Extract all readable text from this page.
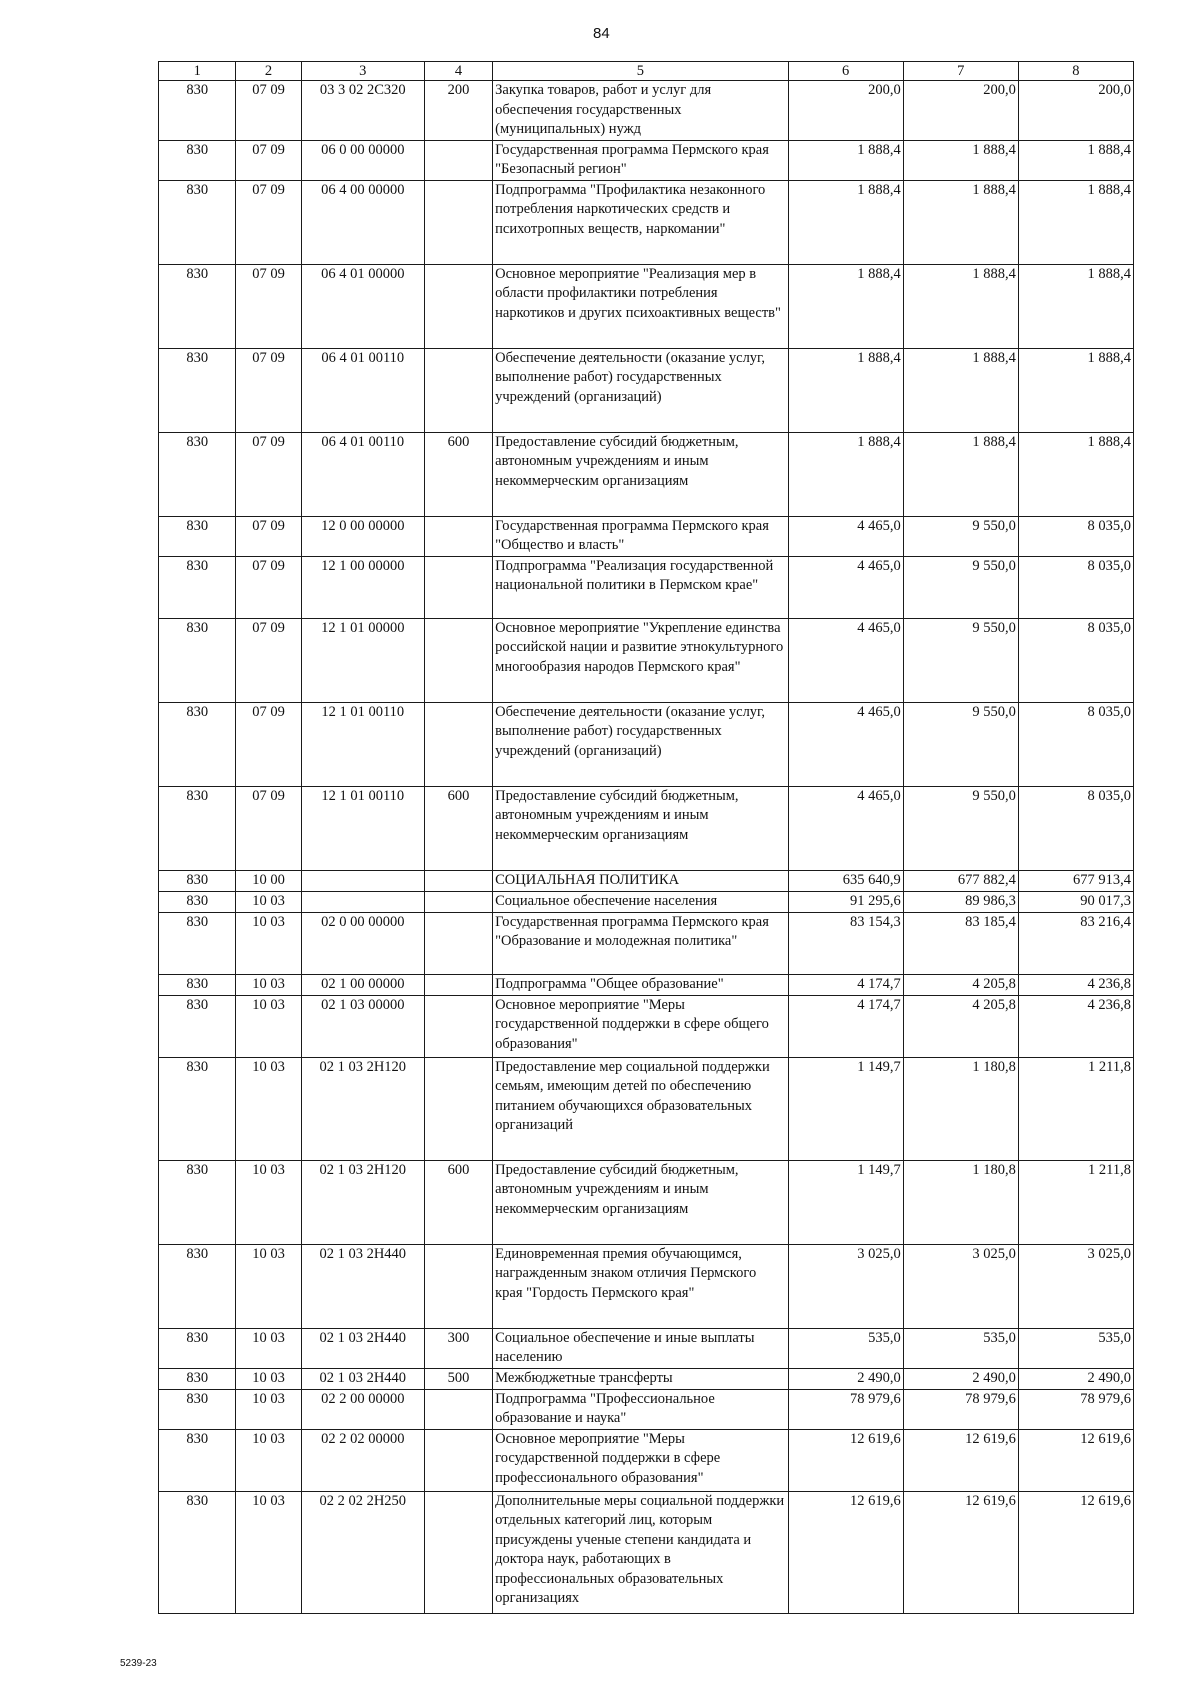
84
1	2	3	4	5	6	7	8
830	07 09	03 3 02 2С320	200	Закупка товаров, работ и услуг для обеспечения государственных (муниципальных) нужд	200,0	200,0	200,0
830	07 09	06 0 00 00000		Государственная программа Пермского края "Безопасный регион"	1 888,4	1 888,4	1 888,4
830	07 09	06 4 00 00000		Подпрограмма "Профилактика незаконного потребления наркотических средств и психотропных веществ, наркомании"	1 888,4	1 888,4	1 888,4
830	07 09	06 4 01 00000		Основное мероприятие "Реализация мер в области профилактики потребления наркотиков и других психоактивных веществ"	1 888,4	1 888,4	1 888,4
830	07 09	06 4 01 00110		Обеспечение деятельности (оказание услуг, выполнение работ) государственных учреждений (организаций)	1 888,4	1 888,4	1 888,4
830	07 09	06 4 01 00110	600	Предоставление субсидий бюджетным, автономным учреждениям и иным некоммерческим организациям	1 888,4	1 888,4	1 888,4
830	07 09	12 0 00 00000		Государственная программа Пермского края "Общество и власть"	4 465,0	9 550,0	8 035,0
830	07 09	12 1 00 00000		Подпрограмма "Реализация государственной национальной политики в Пермском крае"	4 465,0	9 550,0	8 035,0
830	07 09	12 1 01 00000		Основное мероприятие "Укрепление единства российской нации и развитие этнокультурного многообразия народов Пермского края"	4 465,0	9 550,0	8 035,0
830	07 09	12 1 01 00110		Обеспечение деятельности (оказание услуг, выполнение работ) государственных учреждений (организаций)	4 465,0	9 550,0	8 035,0
830	07 09	12 1 01 00110	600	Предоставление субсидий бюджетным, автономным учреждениям и иным некоммерческим организациям	4 465,0	9 550,0	8 035,0
830	10 00			СОЦИАЛЬНАЯ ПОЛИТИКА	635 640,9	677 882,4	677 913,4
830	10 03			Социальное обеспечение населения	91 295,6	89 986,3	90 017,3
830	10 03	02 0 00 00000		Государственная программа Пермского края "Образование и молодежная политика"	83 154,3	83 185,4	83 216,4
830	10 03	02 1 00 00000		Подпрограмма "Общее образование"	4 174,7	4 205,8	4 236,8
830	10 03	02 1 03 00000		Основное мероприятие "Меры государственной поддержки в сфере общего образования"	4 174,7	4 205,8	4 236,8
830	10 03	02 1 03 2Н120		Предоставление мер социальной поддержки семьям, имеющим детей по обеспечению питанием обучающихся образовательных организаций	1 149,7	1 180,8	1 211,8
830	10 03	02 1 03 2Н120	600	Предоставление субсидий бюджетным, автономным учреждениям и иным некоммерческим организациям	1 149,7	1 180,8	1 211,8
830	10 03	02 1 03 2Н440		Единовременная премия обучающимся, награжденным знаком отличия Пермского края "Гордость Пермского края"	3 025,0	3 025,0	3 025,0
830	10 03	02 1 03 2Н440	300	Социальное обеспечение и иные выплаты населению	535,0	535,0	535,0
830	10 03	02 1 03 2Н440	500	Межбюджетные трансферты	2 490,0	2 490,0	2 490,0
830	10 03	02 2 00 00000		Подпрограмма "Профессиональное образование и наука"	78 979,6	78 979,6	78 979,6
830	10 03	02 2 02 00000		Основное мероприятие "Меры государственной поддержки в сфере профессионального образования"	12 619,6	12 619,6	12 619,6
830	10 03	02 2 02 2Н250		Дополнительные меры социальной поддержки отдельных категорий лиц, которым присуждены ученые степени кандидата и доктора наук, работающих в профессиональных образовательных организациях	12 619,6	12 619,6	12 619,6
5239-23
